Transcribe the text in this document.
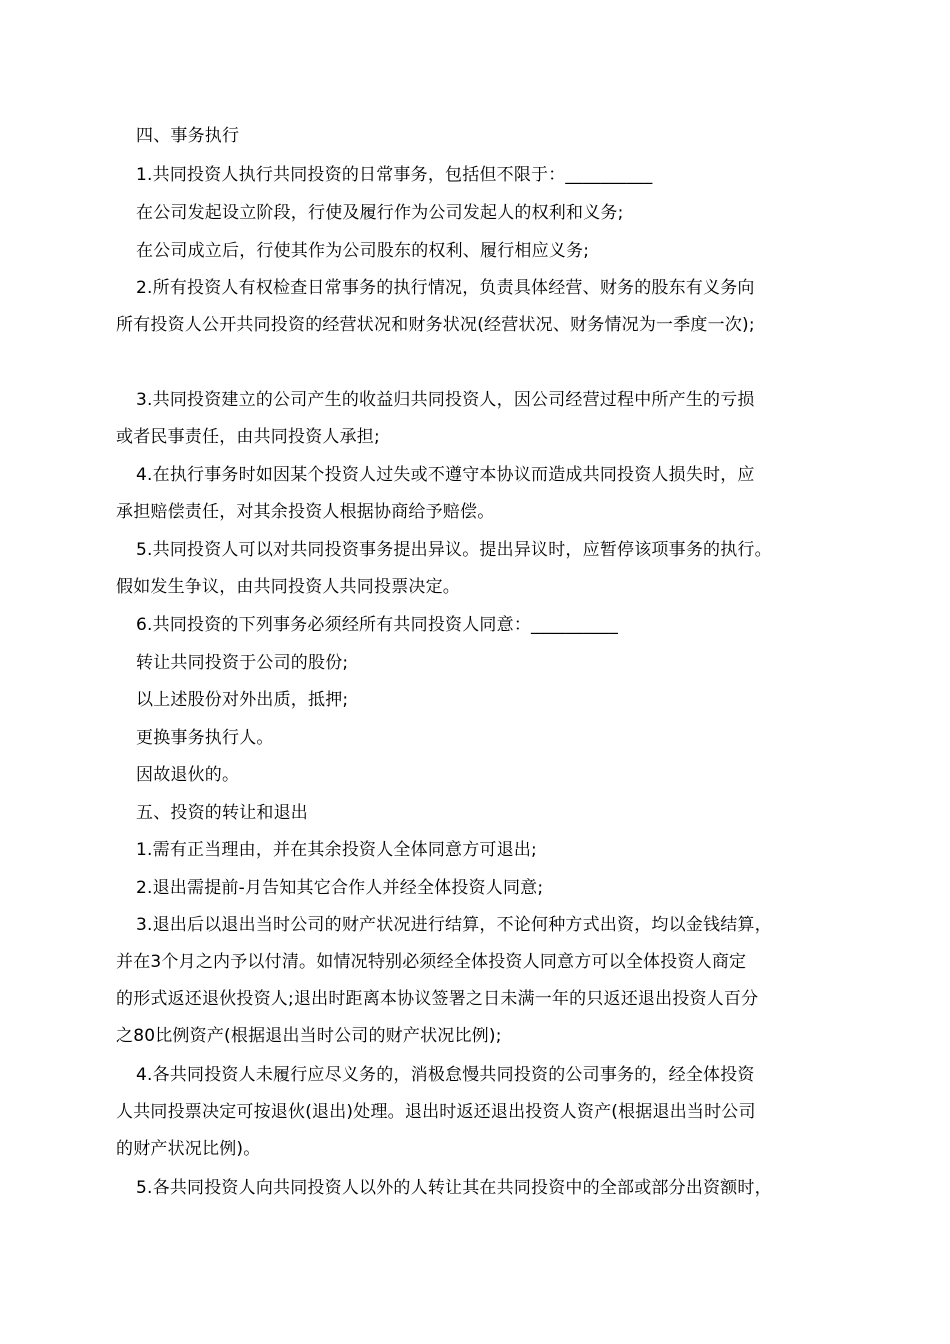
四、事务执行
1.共同投资人执行共同投资的日常事务，包括但不限于：__________
在公司发起设立阶段，行使及履行作为公司发起人的权利和义务;
在公司成立后，行使其作为公司股东的权利、履行相应义务;
2.所有投资人有权检查日常事务的执行情况，负责具体经营、财务的股东有义务向
所有投资人公开共同投资的经营状况和财务状况(经营状况、财务情况为一季度一次);
3.共同投资建立的公司产生的收益归共同投资人，因公司经营过程中所产生的亏损
或者民事责任，由共同投资人承担;
4.在执行事务时如因某个投资人过失或不遵守本协议而造成共同投资人损失时，应
承担赔偿责任，对其余投资人根据协商给予赔偿。
5.共同投资人可以对共同投资事务提出异议。提出异议时，应暂停该项事务的执行。
假如发生争议，由共同投资人共同投票决定。
6.共同投资的下列事务必须经所有共同投资人同意：__________
转让共同投资于公司的股份;
以上述股份对外出质，抵押;
更换事务执行人。
因故退伙的。
五、投资的转让和退出
1.需有正当理由，并在其余投资人全体同意方可退出;
2.退出需提前-月告知其它合作人并经全体投资人同意;
3.退出后以退出当时公司的财产状况进行结算，不论何种方式出资，均以金钱结算，
并在3个月之内予以付清。如情况特别必须经全体投资人同意方可以全体投资人商定
的形式返还退伙投资人;退出时距离本协议签署之日未满一年的只返还退出投资人百分
之80比例资产(根据退出当时公司的财产状况比例);
4.各共同投资人未履行应尽义务的，消极怠慢共同投资的公司事务的，经全体投资
人共同投票决定可按退伙(退出)处理。退出时返还退出投资人资产(根据退出当时公司
的财产状况比例)。
5.各共同投资人向共同投资人以外的人转让其在共同投资中的全部或部分出资额时，
